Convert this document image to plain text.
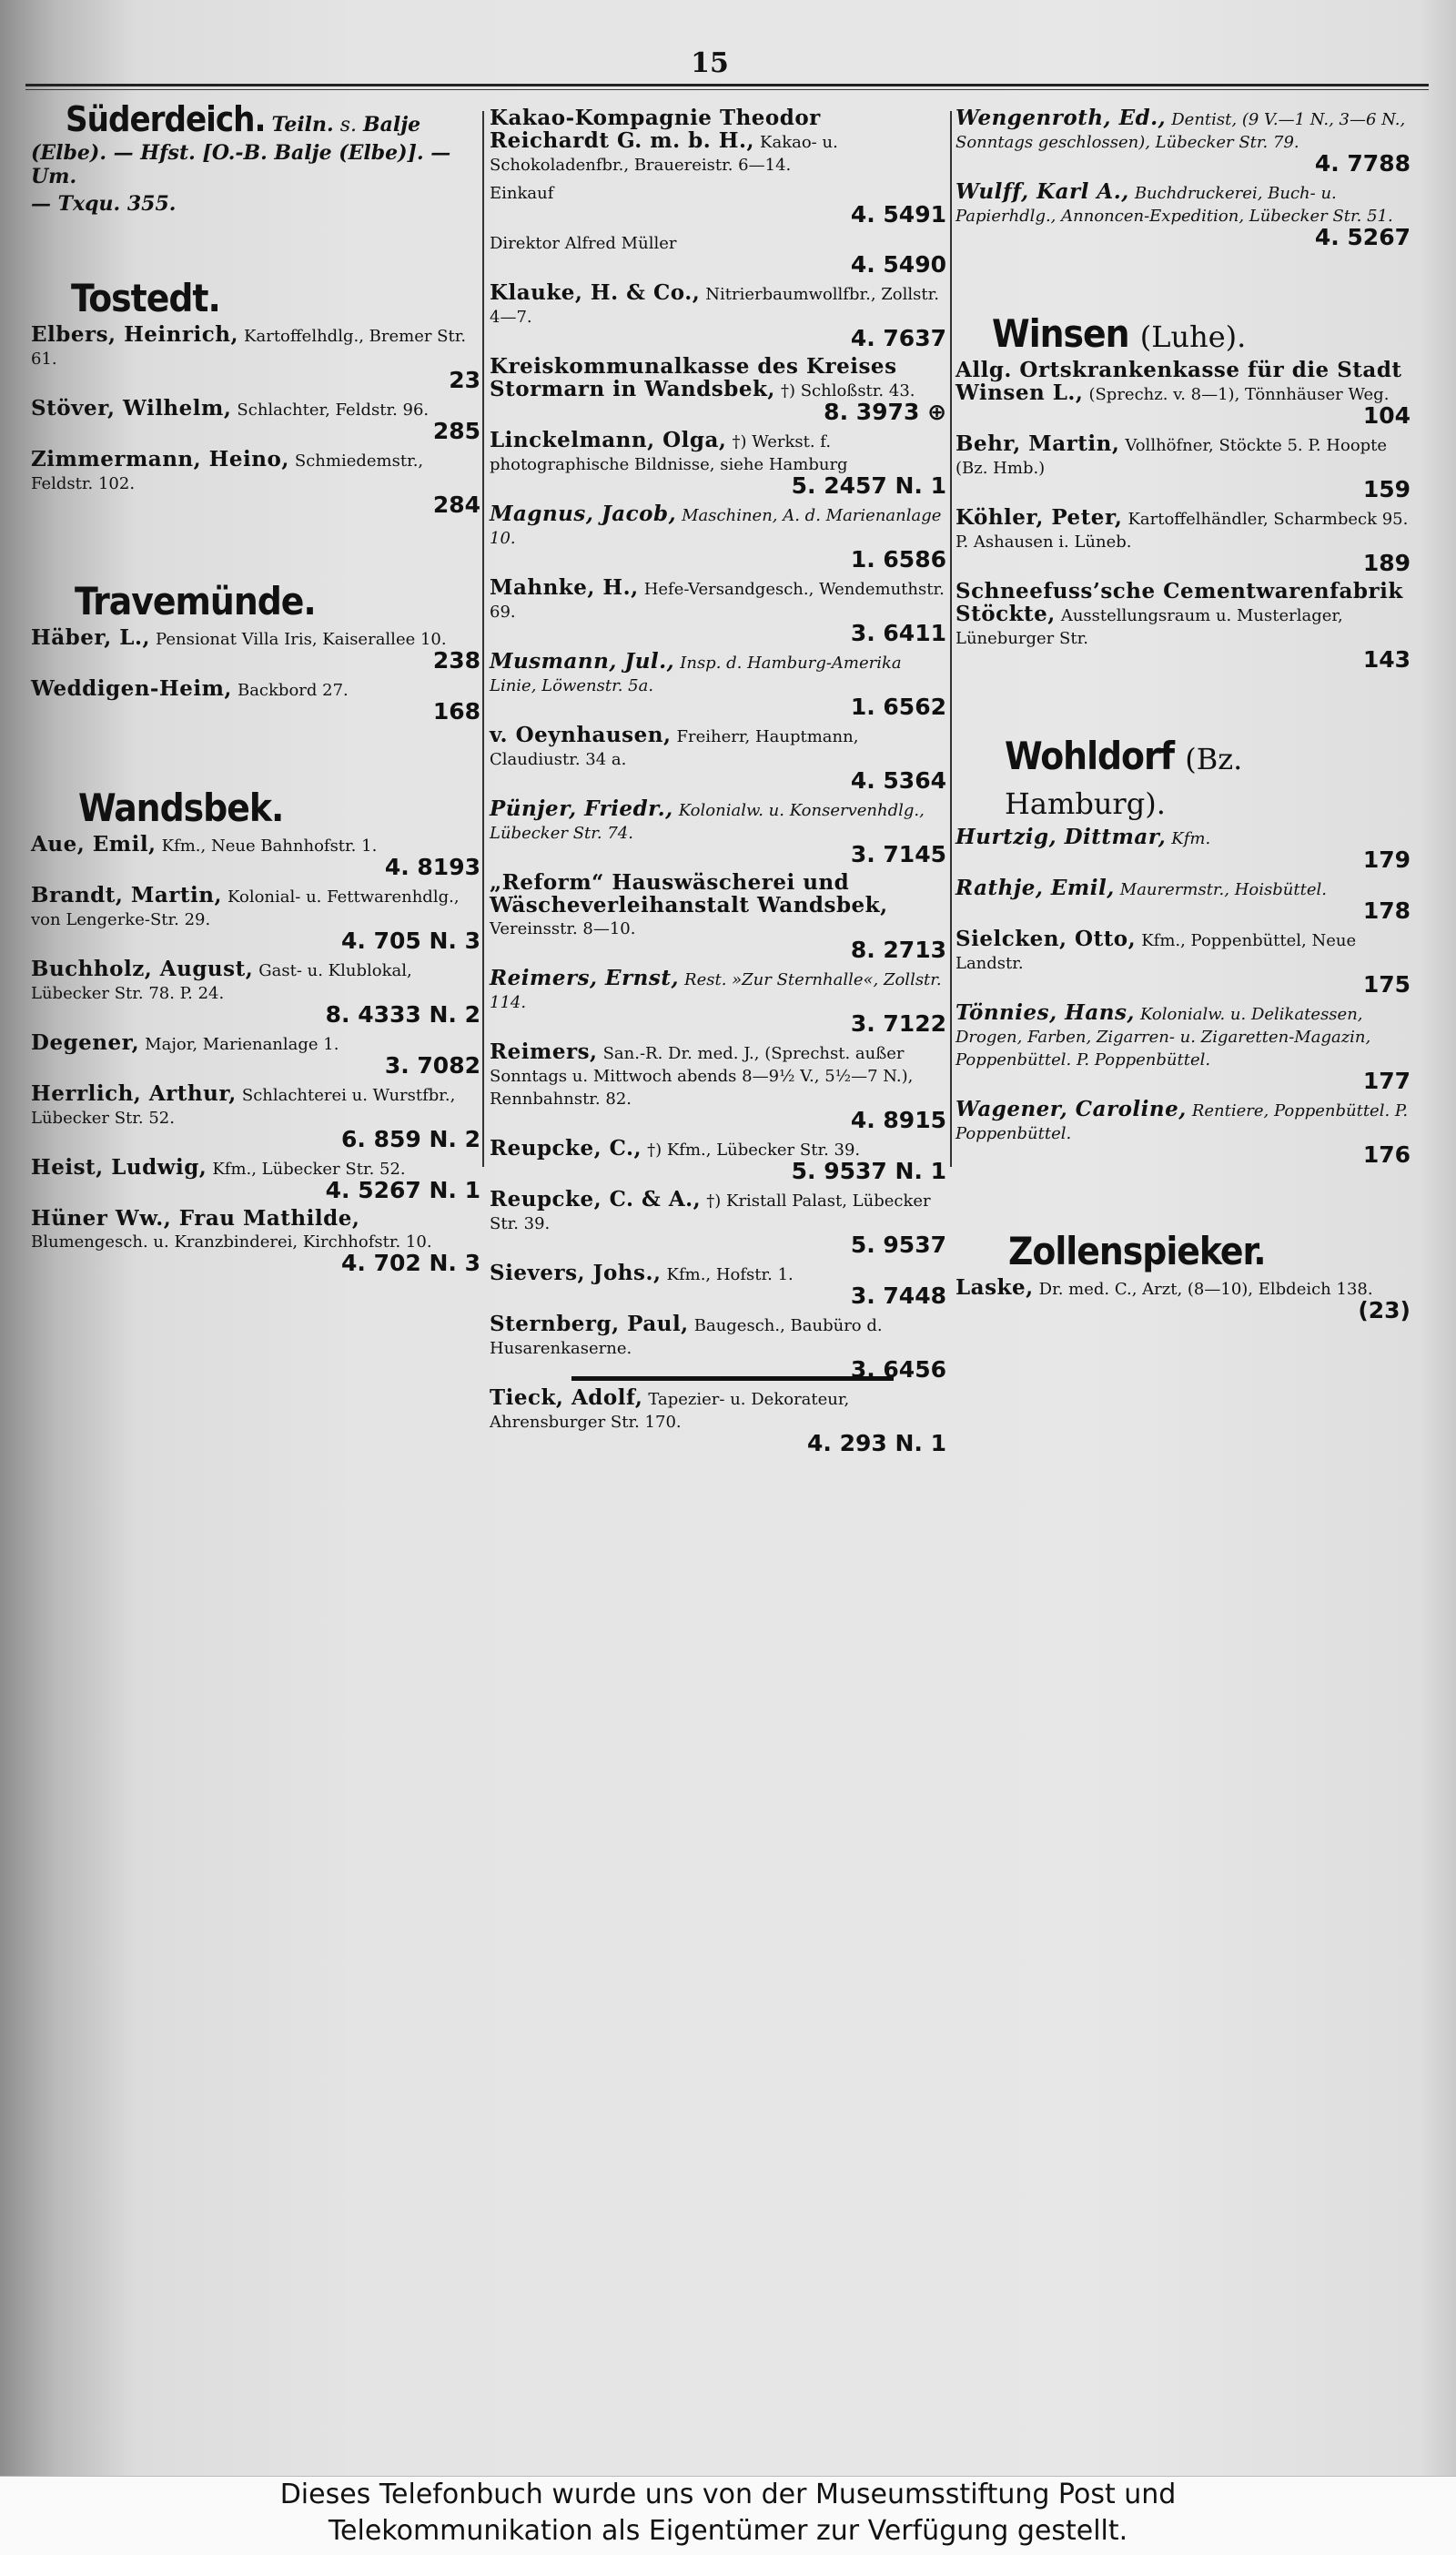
15
Süderdeich. Teiln. s. Balje
(Elbe). — Hfst. [O.-B. Balje (Elbe)]. — Um.
— Txqu. 355.
Tostedt.
Elbers, Heinrich, Kartoffelhdlg., Bremer Str. 61.
23
Stöver, Wilhelm, Schlachter, Feldstr. 96.
285
Zimmermann, Heino, Schmiedemstr., Feldstr. 102.
284
Travemünde.
Häber, L., Pensionat Villa Iris, Kaiserallee 10.
238
Weddigen-Heim, Backbord 27.
168
Wandsbek.
Aue, Emil, Kfm., Neue Bahnhofstr. 1.
4. 8193
Brandt, Martin, Kolonial- u. Fettwarenhdlg., von Lengerke-Str. 29.
4. 705 N. 3
Buchholz, August, Gast- u. Klublokal, Lübecker Str. 78. P. 24.
8. 4333 N. 2
Degener, Major, Marienanlage 1.
3. 7082
Herrlich, Arthur, Schlachterei u. Wurstfbr., Lübecker Str. 52.
6. 859 N. 2
Heist, Ludwig, Kfm., Lübecker Str. 52.
4. 5267 N. 1
Hüner Ww., Frau Mathilde, Blumengesch. u. Kranzbinderei, Kirchhofstr. 10.
4. 702 N. 3
Kakao-Kompagnie Theodor Reichardt G. m. b. H., Kakao- u. Schokoladenfbr., Brauereistr. 6—14.
Einkauf
4. 5491
Direktor Alfred Müller
4. 5490
Klauke, H. & Co., Nitrierbaumwollfbr., Zollstr. 4—7.
4. 7637
Kreiskommunalkasse des Kreises Stormarn in Wandsbek, †) Schloßstr. 43.
8. 3973 ⊕
Linckelmann, Olga, †) Werkst. f. photographische Bildnisse, siehe Hamburg
5. 2457 N. 1
Magnus, Jacob, Maschinen, A. d. Marienanlage 10.
1. 6586
Mahnke, H., Hefe-Versandgesch., Wendemuthstr. 69.
3. 6411
Musmann, Jul., Insp. d. Hamburg-Amerika Linie, Löwenstr. 5a.
1. 6562
v. Oeynhausen, Freiherr, Hauptmann, Claudiustr. 34 a.
4. 5364
Pünjer, Friedr., Kolonialw. u. Konservenhdlg., Lübecker Str. 74.
3. 7145
„Reform“ Hauswäscherei und Wäscheverleihanstalt Wandsbek, Vereinsstr. 8—10.
8. 2713
Reimers, Ernst, Rest. »Zur Sternhalle«, Zollstr. 114.
3. 7122
Reimers, San.-R. Dr. med. J., (Sprechst. außer Sonntags u. Mittwoch abends 8—9½ V., 5½—7 N.), Rennbahnstr. 82.
4. 8915
Reupcke, C., †) Kfm., Lübecker Str. 39.
5. 9537 N. 1
Reupcke, C. & A., †) Kristall Palast, Lübecker Str. 39.
5. 9537
Sievers, Johs., Kfm., Hofstr. 1.
3. 7448
Sternberg, Paul, Baugesch., Baubüro d. Husarenkaserne.
3. 6456
Tieck, Adolf, Tapezier- u. Dekorateur, Ahrensburger Str. 170.
4. 293 N. 1
Wengenroth, Ed., Dentist, (9 V.—1 N., 3—6 N., Sonntags geschlossen), Lübecker Str. 79.
4. 7788
Wulff, Karl A., Buchdruckerei, Buch- u. Papierhdlg., Annoncen-Expedition, Lübecker Str. 51.
4. 5267
Winsen (Luhe).
Allg. Ortskrankenkasse für die Stadt Winsen L., (Sprechz. v. 8—1), Tönnhäuser Weg.
104
Behr, Martin, Vollhöfner, Stöckte 5. P. Hoopte (Bz. Hmb.)
159
Köhler, Peter, Kartoffelhändler, Scharmbeck 95. P. Ashausen i. Lüneb.
189
Schneefuss’sche Cementwarenfabrik Stöckte, Ausstellungsraum u. Musterlager, Lüneburger Str.
143
Wohldorf (Bz. Hamburg).
Hurtzig, Dittmar, Kfm.
179
Rathje, Emil, Maurermstr., Hoisbüttel.
178
Sielcken, Otto, Kfm., Poppenbüttel, Neue Landstr.
175
Tönnies, Hans, Kolonialw. u. Delikatessen, Drogen, Farben, Zigarren- u. Zigaretten-Magazin, Poppenbüttel. P. Poppenbüttel.
177
Wagener, Caroline, Rentiere, Poppenbüttel. P. Poppenbüttel.
176
Zollenspieker.
Laske, Dr. med. C., Arzt, (8—10), Elbdeich 138.
(23)
Dieses Telefonbuch wurde uns von der Museumsstiftung Post und
Telekommunikation als Eigentümer zur Verfügung gestellt.
